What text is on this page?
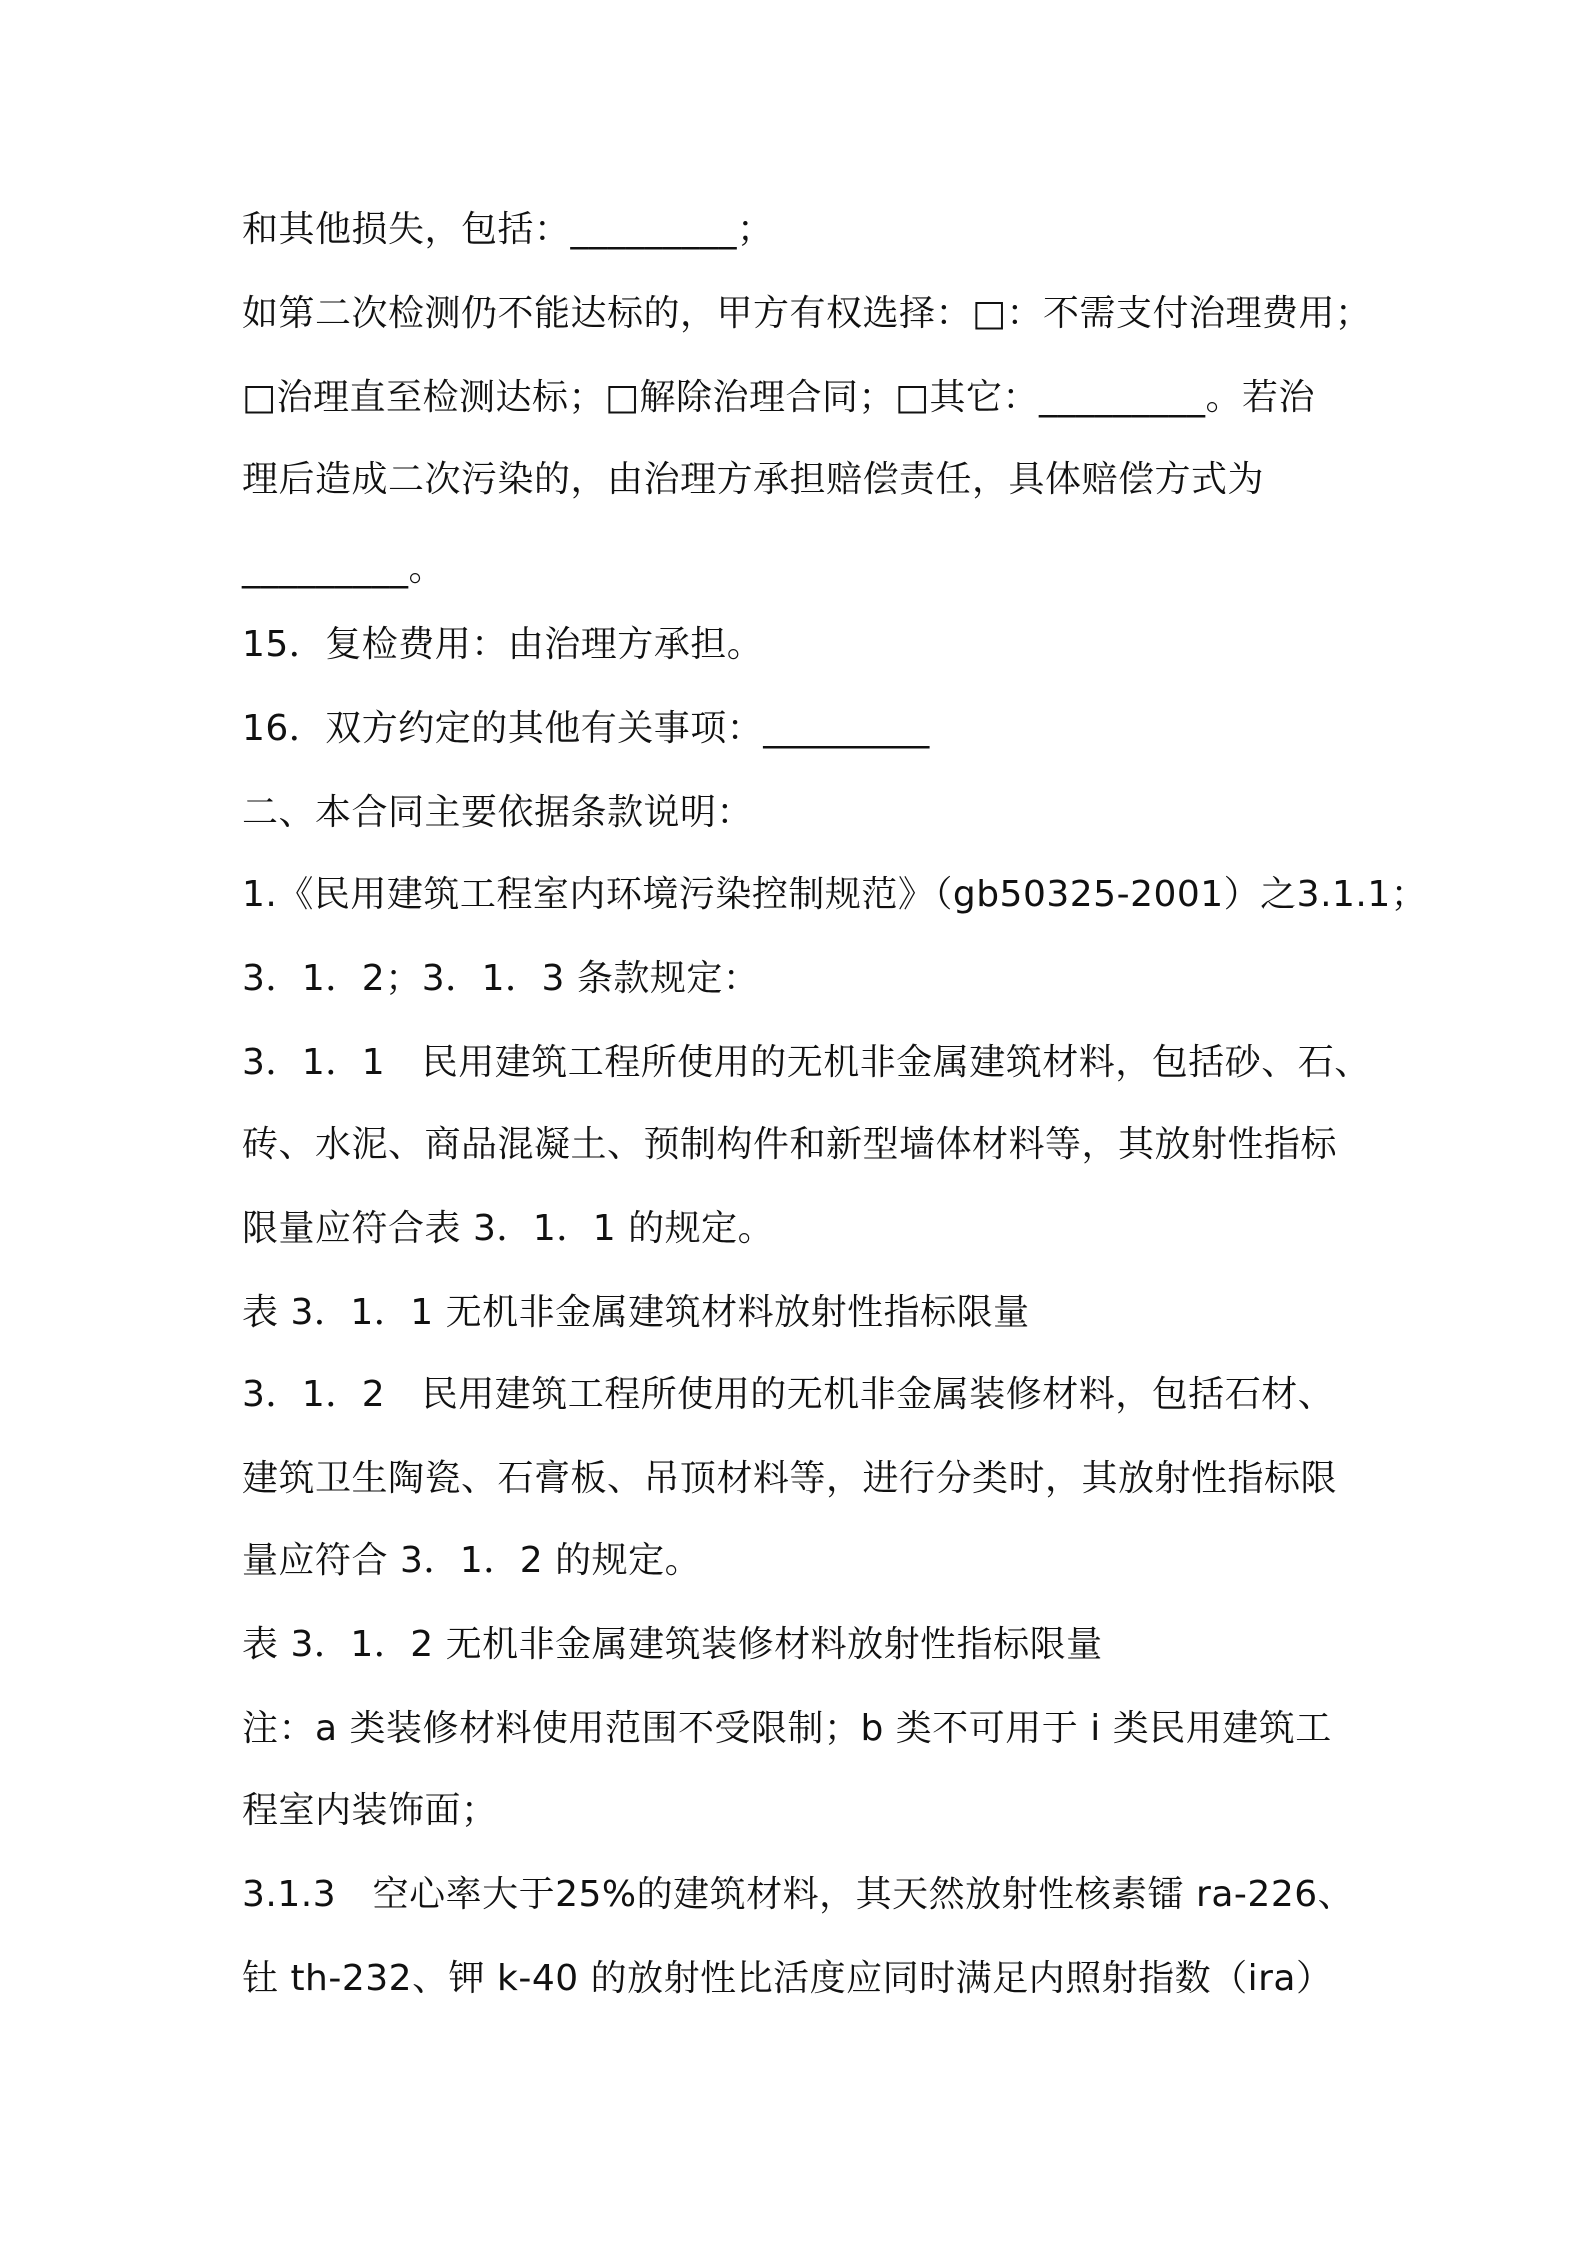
和其他损失，包括：_________；
如第二次检测仍不能达标的，甲方有权选择：□：不需支付治理费用；
□治理直至检测达标；□解除治理合同；□其它：_________。若治
理后造成二次污染的，由治理方承担赔偿责任，具体赔偿方式为
_________。
15．复检费用：由治理方承担。
16．双方约定的其他有关事项：_________
二、本合同主要依据条款说明：
1.《民用建筑工程室内环境污染控制规范》（gb50325-2001）之3.1.1；
3．1．2；3．1．3 条款规定：
3．1．1　民用建筑工程所使用的无机非金属建筑材料，包括砂、石、
砖、水泥、商品混凝土、预制构件和新型墙体材料等，其放射性指标
限量应符合表 3．1．1 的规定。
表 3．1．1 无机非金属建筑材料放射性指标限量
3．1．2　民用建筑工程所使用的无机非金属装修材料，包括石材、
建筑卫生陶瓷、石膏板、吊顶材料等，进行分类时，其放射性指标限
量应符合 3．1．2 的规定。
表 3．1．2 无机非金属建筑装修材料放射性指标限量
注：a 类装修材料使用范围不受限制；b 类不可用于 i 类民用建筑工
程室内装饰面；
3.1.3　空心率大于25%的建筑材料，其天然放射性核素镭 ra-226、
钍 th-232、钾 k-40 的放射性比活度应同时满足内照射指数（ira）
